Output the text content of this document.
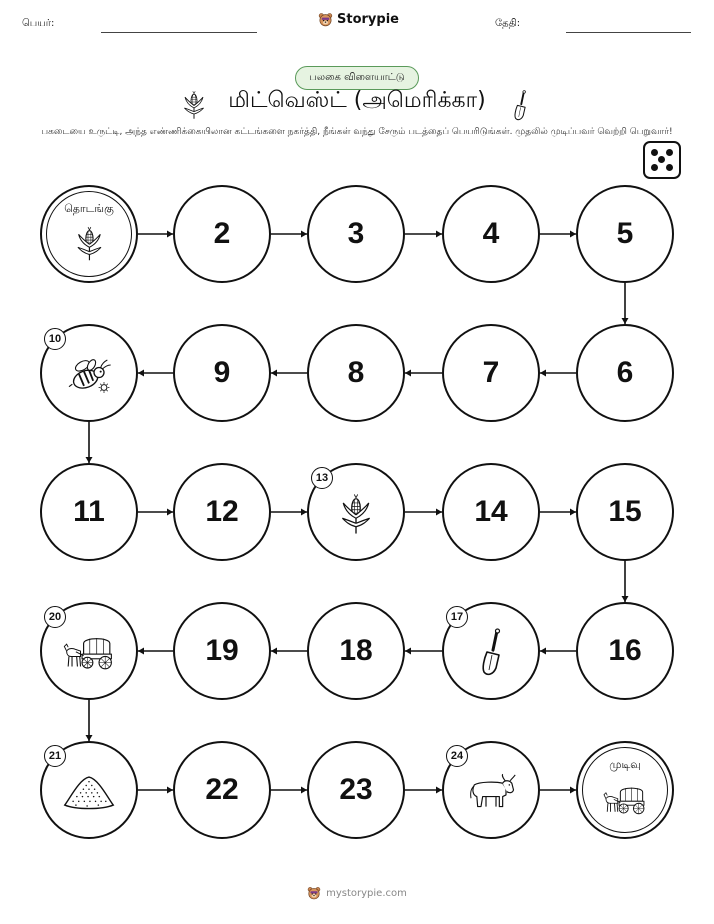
பெயர்:	Storypie	தேதி:
பலகை விளையாட்டு
மிட்வெஸ்ட் (அமெரிக்கா)
பகடையை உருட்டி, அந்த எண்ணிக்கையிலான கட்டங்களை நகர்த்தி, நீங்கள் வந்து சேரும் படத்தைப் பெயரிடுங்கள். முதலில் முடிப்பவர் வெற்றி பெறுவார்!
தொடங்கு
2	3	4	5
6
7
8
9
10
11	12
13
14	15
16
17
18
19
20
21
22	23
24
முடிவு
mystorypie.com
